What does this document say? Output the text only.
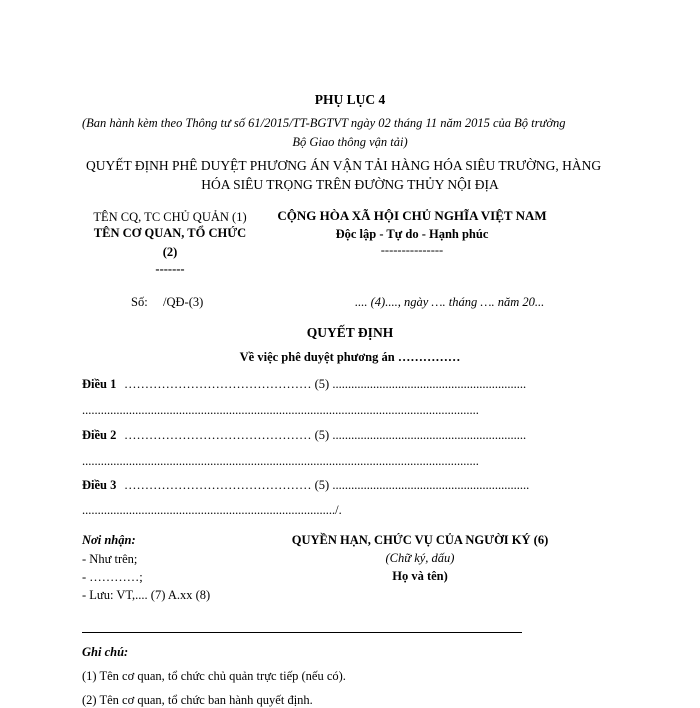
PHỤ LỤC 4
(Ban hành kèm theo Thông tư số 61/2015/TT-BGTVT ngày 02 tháng 11 năm 2015 của Bộ trưởng
Bộ Giao thông vận tải)
QUYẾT ĐỊNH PHÊ DUYỆT PHƯƠNG ÁN VẬN TẢI HÀNG HÓA SIÊU TRƯỜNG, HÀNG
HÓA SIÊU TRỌNG TRÊN ĐƯỜNG THỦY NỘI ĐỊA
TÊN CQ, TC CHỦ QUẢN (1)
TÊN CƠ QUAN, TỔ CHỨC
(2)
-------
CỘNG HÒA XÃ HỘI CHỦ NGHĨA VIỆT NAM
Độc lập - Tự do - Hạnh phúc
---------------
Số: /QĐ-(3)	.... (4)...., ngày …. tháng …. năm 20...
QUYẾT ĐỊNH
Về việc phê duyệt phương án ……………
Điều 1 ……………………………………… (5) ..............................................................
...............................................................................................................................
Điều 2 ……………………………………… (5) ..............................................................
...............................................................................................................................
Điều 3 ……………………………………… (5) ...............................................................
................................................................................./.
Nơi nhận:
- Như trên;
- …………;
- Lưu: VT,.... (7) A.xx (8)
QUYỀN HẠN, CHỨC VỤ CỦA NGƯỜI KÝ (6)
(Chữ ký, dấu)
Họ và tên)
Ghi chú:
(1) Tên cơ quan, tổ chức chủ quản trực tiếp (nếu có).
(2) Tên cơ quan, tổ chức ban hành quyết định.
